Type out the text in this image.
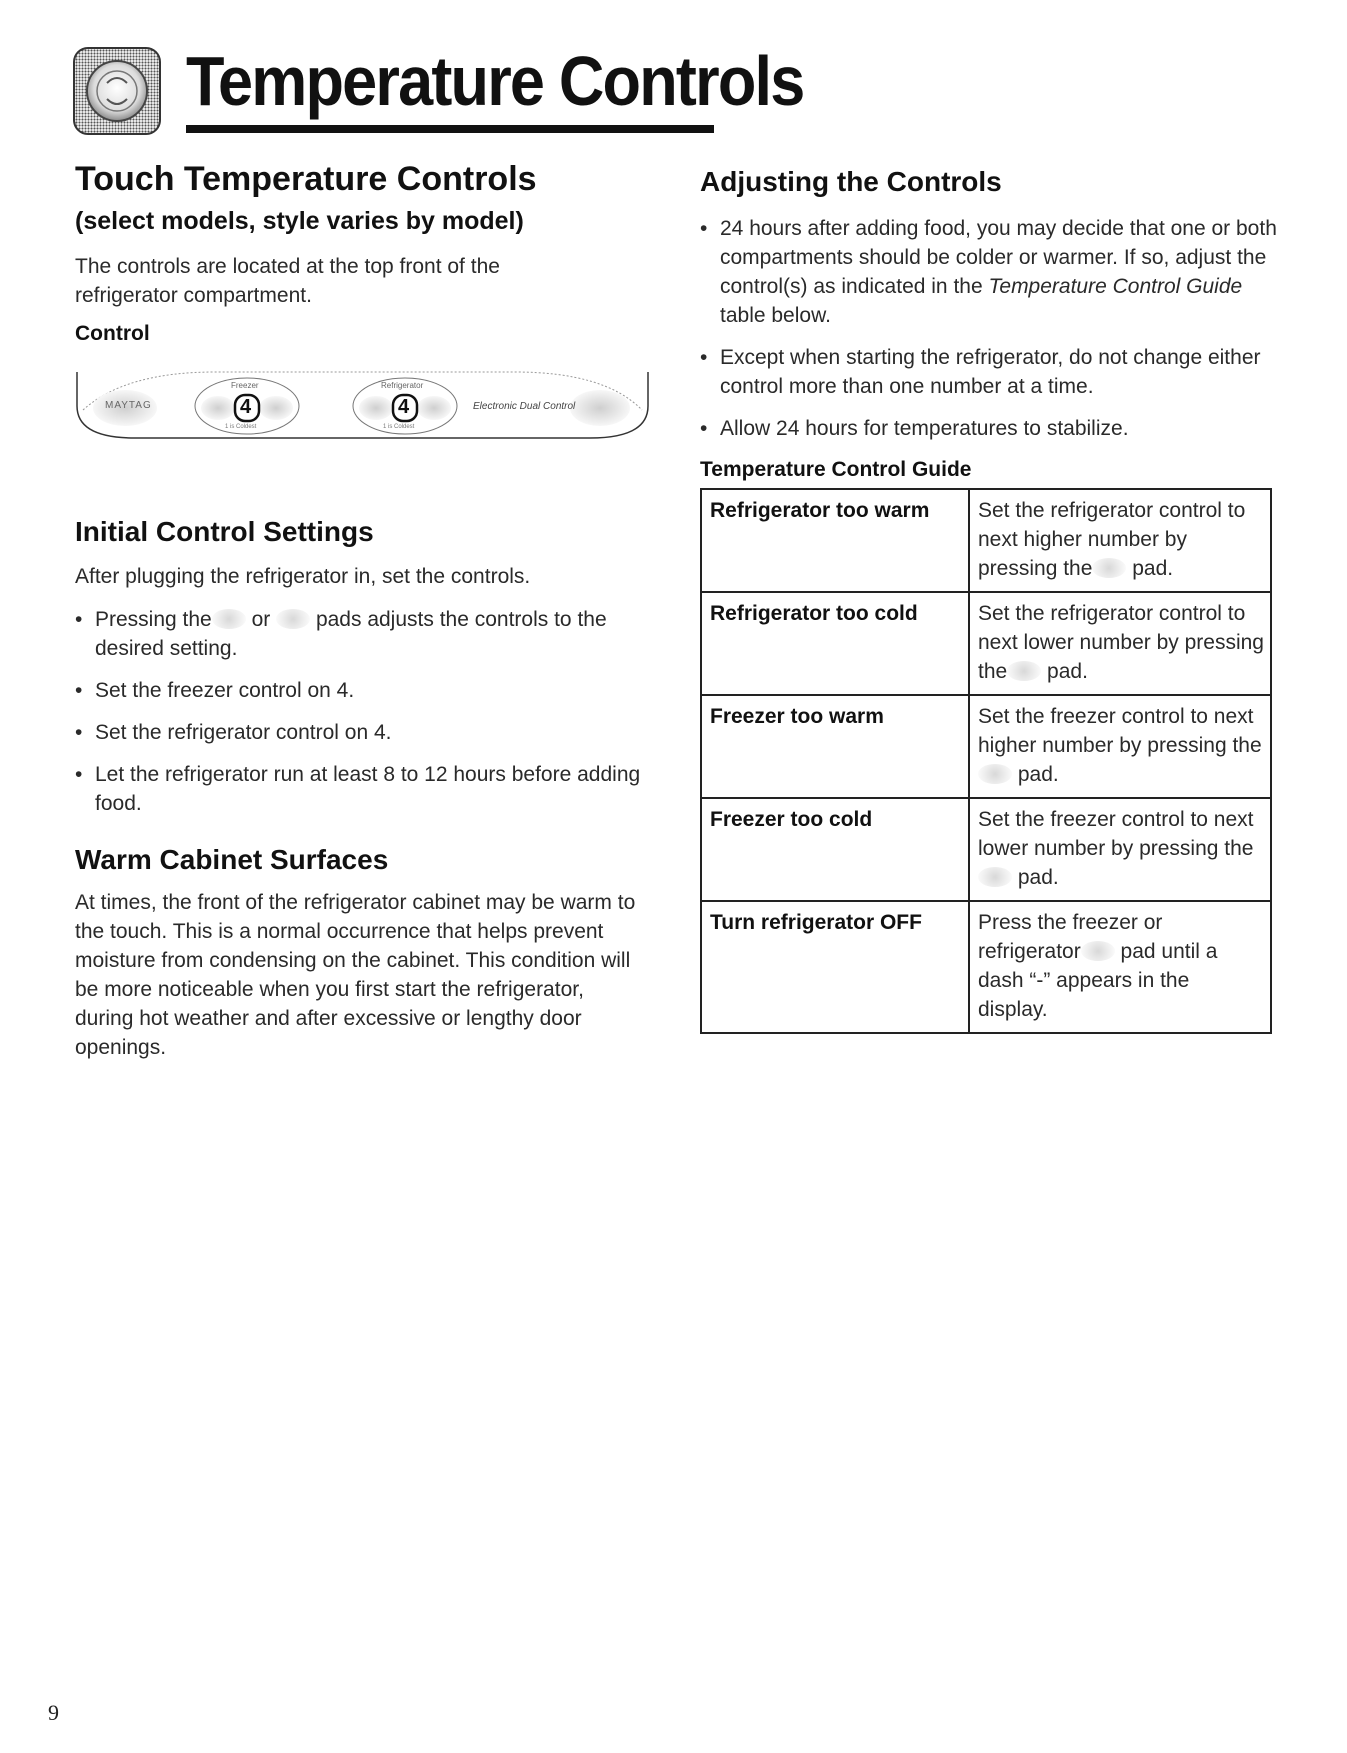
Temperature Controls
Touch Temperature Controls
(select models, style varies by model)

The controls are located at the top front of the refrigerator compartment.

Control
MAYTAG
Freezer
4
1 is Coldest
Refrigerator
4
1 is Coldest
Electronic Dual Control
Initial Control Settings

After plugging the refrigerator in, set the controls.

• Pressing the or pads adjusts the controls to the desired setting.
• Set the freezer control on 4.
• Set the refrigerator control on 4.
• Let the refrigerator run at least 8 to 12 hours before adding food.
Warm Cabinet Surfaces

At times, the front of the refrigerator cabinet may be warm to the touch. This is a normal occurrence that helps prevent moisture from condensing on the cabinet. This condition will be more noticeable when you first start the refrigerator, during hot weather and after excessive or lengthy door openings.

Adjusting the Controls
• 24 hours after adding food, you may decide that one or both compartments should be colder or warmer. If so, adjust the control(s) as indicated in the Temperature Control Guide table below.
• Except when starting the refrigerator, do not change either control more than one number at a time.
• Allow 24 hours for temperatures to stabilize.
Temperature Control Guide
Refrigerator too warm	Set the refrigerator control to next higher number by pressing the pad.
Refrigerator too cold	Set the refrigerator control to next lower number by pressing the pad.
Freezer too warm	Set the freezer control to next higher number by pressing the pad.
Freezer too cold	Set the freezer control to next lower number by pressing the pad.
Turn refrigerator OFF	Press the freezer or refrigerator pad until a dash “-” appears in the display.
9
